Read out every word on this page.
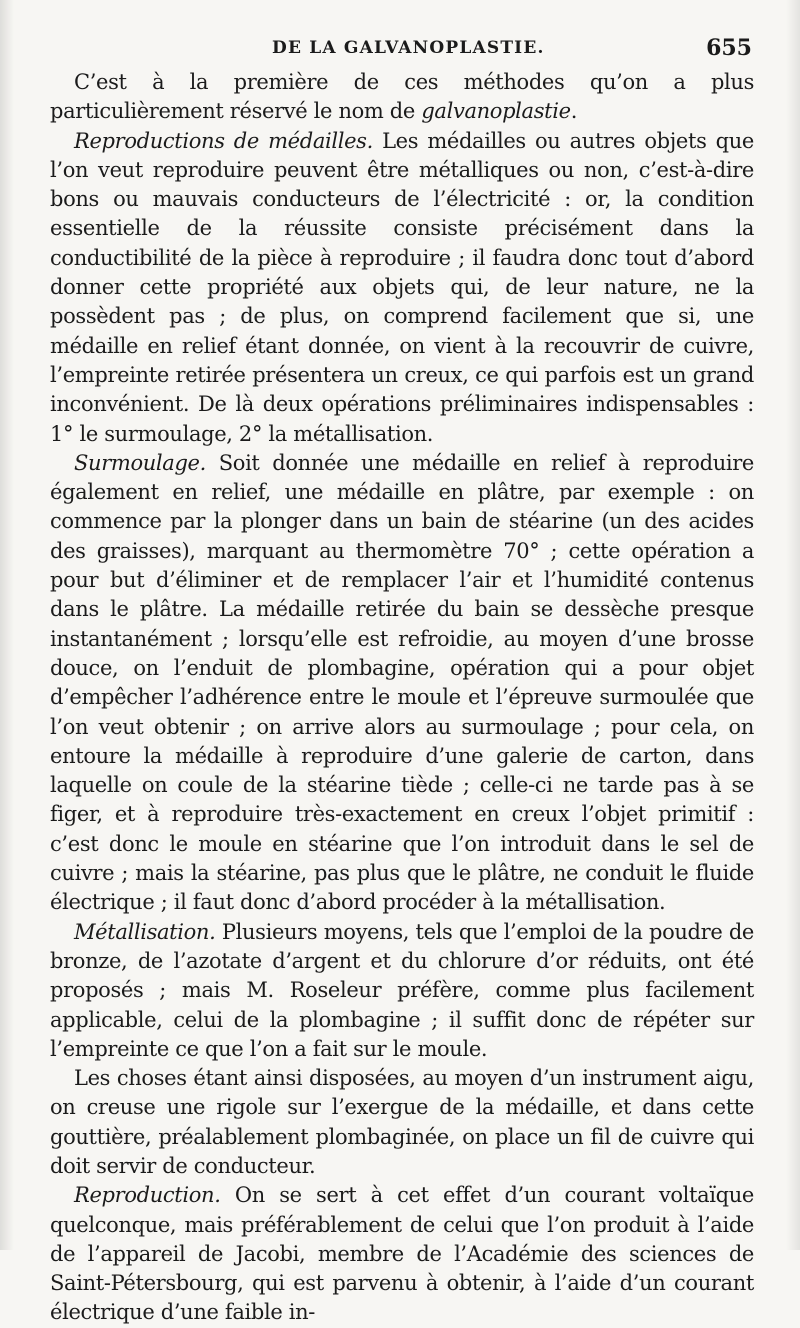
DE LA GALVANOPLASTIE.	655

C’est à la première de ces méthodes qu’on a plus particulièrement réservé le nom de galvanoplastie.

Reproductions de médailles. Les médailles ou autres objets que l’on veut reproduire peuvent être métalliques ou non, c’est-à-dire bons ou mauvais conducteurs de l’électricité : or, la condition essentielle de la réussite consiste précisément dans la conductibilité de la pièce à reproduire ; il faudra donc tout d’abord donner cette propriété aux objets qui, de leur nature, ne la possèdent pas ; de plus, on comprend facilement que si, une médaille en relief étant donnée, on vient à la recouvrir de cuivre, l’empreinte retirée présentera un creux, ce qui parfois est un grand inconvénient. De là deux opérations préliminaires indispensables : 1° le surmoulage, 2° la métallisation.

Surmoulage. Soit donnée une médaille en relief à reproduire également en relief, une médaille en plâtre, par exemple : on commence par la plonger dans un bain de stéarine (un des acides des graisses), marquant au thermomètre 70° ; cette opération a pour but d’éliminer et de remplacer l’air et l’humidité contenus dans le plâtre. La médaille retirée du bain se dessèche presque instantanément ; lorsqu’elle est refroidie, au moyen d’une brosse douce, on l’enduit de plombagine, opération qui a pour objet d’empêcher l’adhérence entre le moule et l’épreuve surmoulée que l’on veut obtenir ; on arrive alors au surmoulage ; pour cela, on entoure la médaille à reproduire d’une galerie de carton, dans laquelle on coule de la stéarine tiède ; celle-ci ne tarde pas à se figer, et à reproduire très-exactement en creux l’objet primitif : c’est donc le moule en stéarine que l’on introduit dans le sel de cuivre ; mais la stéarine, pas plus que le plâtre, ne conduit le fluide électrique ; il faut donc d’abord procéder à la métallisation.

Métallisation. Plusieurs moyens, tels que l’emploi de la poudre de bronze, de l’azotate d’argent et du chlorure d’or réduits, ont été proposés ; mais M. Roseleur préfère, comme plus facilement applicable, celui de la plombagine ; il suffit donc de répéter sur l’empreinte ce que l’on a fait sur le moule.

Les choses étant ainsi disposées, au moyen d’un instrument aigu, on creuse une rigole sur l’exergue de la médaille, et dans cette gouttière, préalablement plombaginée, on place un fil de cuivre qui doit servir de conducteur.

Reproduction. On se sert à cet effet d’un courant voltaïque quelconque, mais préférablement de celui que l’on produit à l’aide de l’appareil de Jacobi, membre de l’Académie des sciences de Saint-Pétersbourg, qui est parvenu à obtenir, à l’aide d’un courant électrique d’une faible in-
